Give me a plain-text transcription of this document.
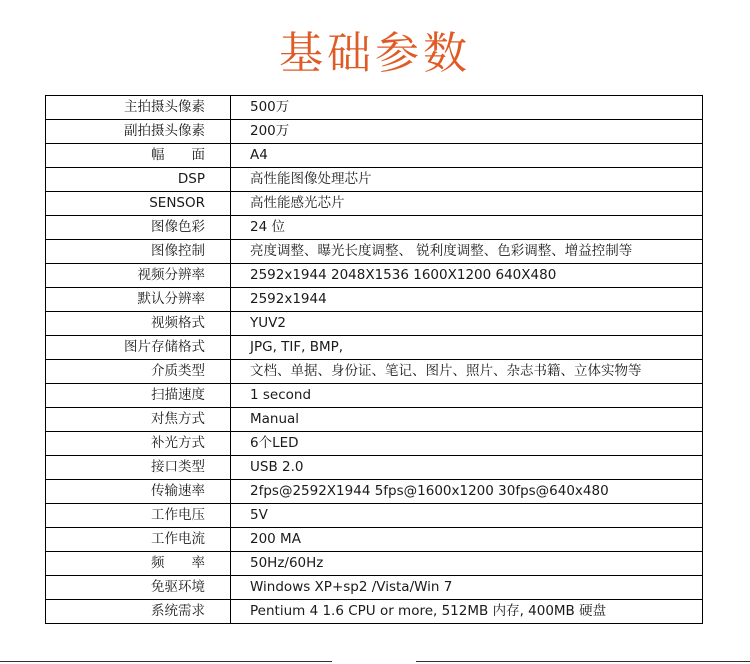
基础参数
主拍摄头像素	500万
副拍摄头像素	200万
幅　　面	A4
DSP	高性能图像处理芯片
SENSOR	高性能感光芯片
图像色彩	24 位
图像控制	亮度调整、曝光长度调整、 锐利度调整、色彩调整、增益控制等
视频分辨率	2592x1944 2048X1536 1600X1200 640X480
默认分辨率	2592x1944
视频格式	YUV2
图片存储格式	JPG, TIF, BMP,
介质类型	文档、单据、身份证、笔记、图片、照片、杂志书籍、立体实物等
扫描速度	1 second
对焦方式	Manual
补光方式	6个LED
接口类型	USB 2.0
传输速率	2fps@2592X1944 5fps@1600x1200 30fps@640x480
工作电压	5V
工作电流	200 MA
频　　率	50Hz/60Hz
免驱环境	Windows XP+sp2 /Vista/Win 7
系统需求	Pentium 4 1.6 CPU or more, 512MB 内存, 400MB 硬盘
